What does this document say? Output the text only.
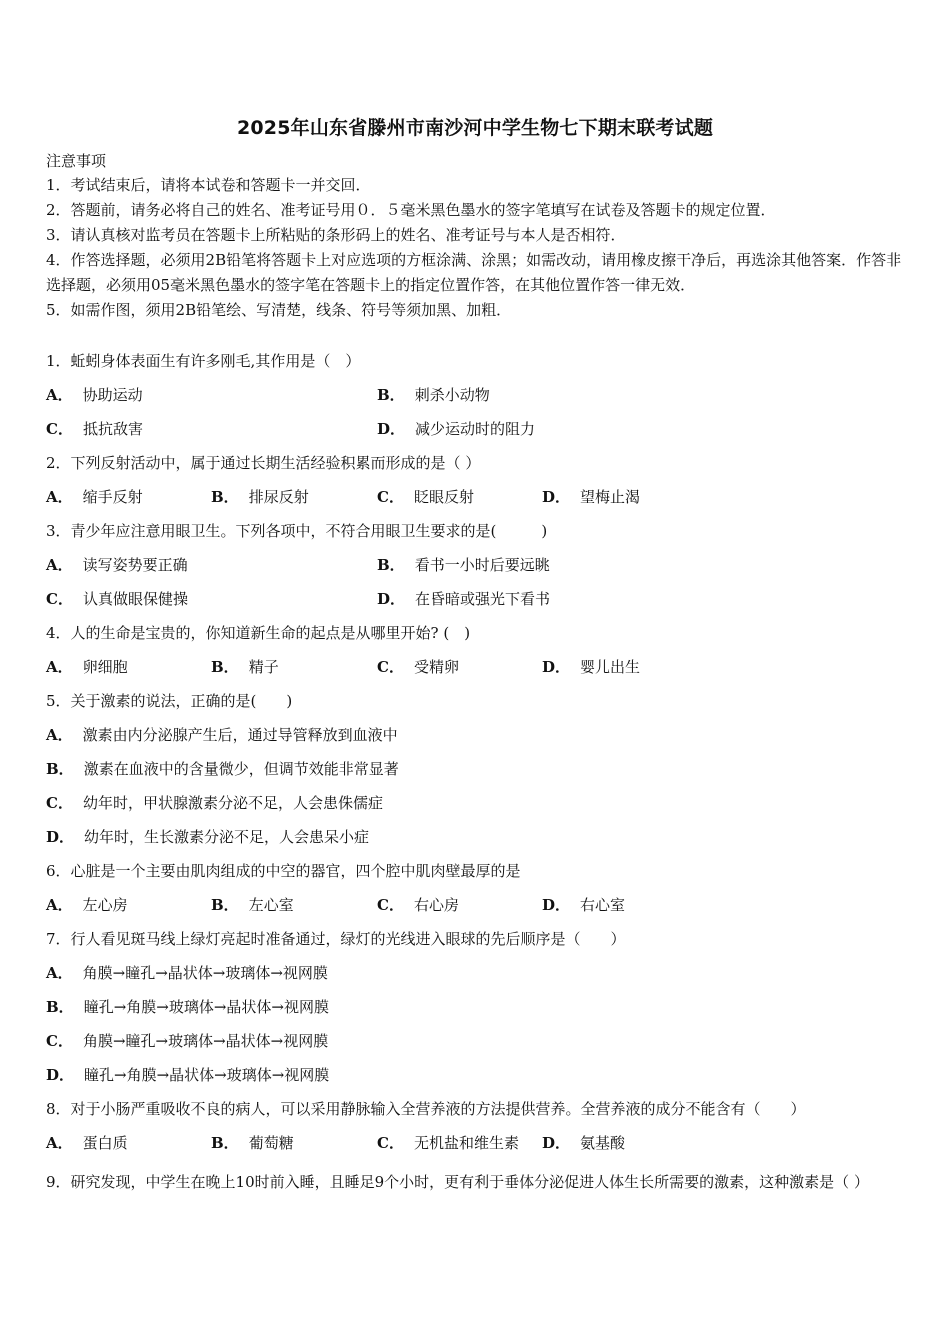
2025年山东省滕州市南沙河中学生物七下期末联考试题
注意事项
1．考试结束后，请将本试卷和答题卡一并交回．
2．答题前，请务必将自己的姓名、准考证号用０．５毫米黑色墨水的签字笔填写在试卷及答题卡的规定位置．
3．请认真核对监考员在答题卡上所粘贴的条形码上的姓名、准考证号与本人是否相符．
4．作答选择题，必须用2B铅笔将答题卡上对应选项的方框涂满、涂黑；如需改动，请用橡皮擦干净后，再选涂其他答案．作答非选择题，必须用05毫米黑色墨水的签字笔在答题卡上的指定位置作答，在其他位置作答一律无效．
5．如需作图，须用2B铅笔绘、写清楚，线条、符号等须加黑、加粗．
1．蚯蚓身体表面生有许多刚毛,其作用是（　）
A． 协助运动	B． 刺杀小动物
C． 抵抗敌害	D． 减少运动时的阻力
2．下列反射活动中，属于通过长期生活经验积累而形成的是（ ）
A． 缩手反射	B． 排尿反射	C． 眨眼反射	D． 望梅止渴
3．青少年应注意用眼卫生。下列各项中，不符合用眼卫生要求的是(　　　)
A． 读写姿势要正确	B． 看书一小时后要远眺
C． 认真做眼保健操	D． 在昏暗或强光下看书
4．人的生命是宝贵的，你知道新生命的起点是从哪里开始? (　)
A． 卵细胞	B． 精子	C． 受精卵	D． 婴儿出生
5．关于激素的说法，正确的是(　　)
A． 激素由内分泌腺产生后，通过导管释放到血液中
B． 激素在血液中的含量微少，但调节效能非常显著
C． 幼年时，甲状腺激素分泌不足，人会患侏儒症
D． 幼年时，生长激素分泌不足，人会患呆小症
6．心脏是一个主要由肌肉组成的中空的器官，四个腔中肌肉壁最厚的是
A． 左心房	B． 左心室	C． 右心房	D． 右心室
7．行人看见斑马线上绿灯亮起时准备通过，绿灯的光线进入眼球的先后顺序是（　　）
A． 角膜→瞳孔→晶状体→玻璃体→视网膜
B． 瞳孔→角膜→玻璃体→晶状体→视网膜
C． 角膜→瞳孔→玻璃体→晶状体→视网膜
D． 瞳孔→角膜→晶状体→玻璃体→视网膜
8．对于小肠严重吸收不良的病人，可以采用静脉输入全营养液的方法提供营养。全营养液的成分不能含有（　　）
A． 蛋白质	B． 葡萄糖	C． 无机盐和维生素 D． 氨基酸
9．研究发现，中学生在晚上10时前入睡，且睡足9个小时，更有利于垂体分泌促进人体生长所需要的激素，这种激素是（ ）
